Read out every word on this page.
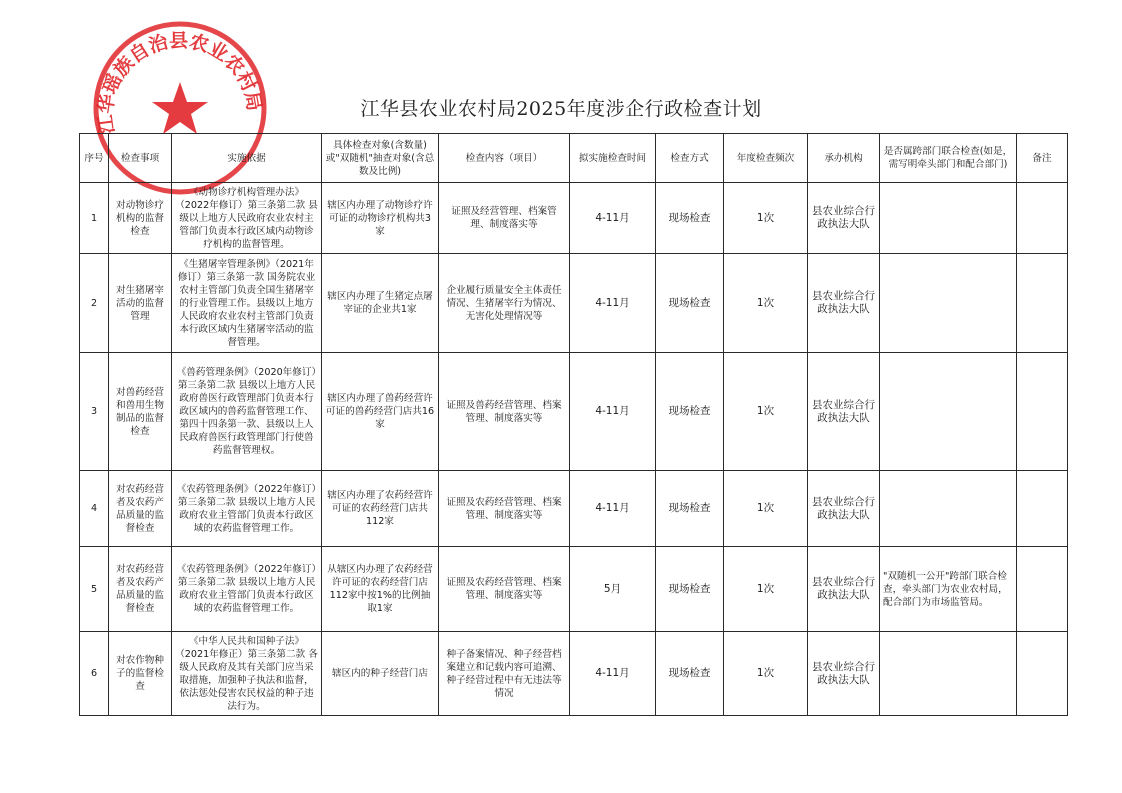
江华瑶族自治县农业农村局	江华县农业农村局2025年度涉企行政检查计划
序号	检查事项	实施依据	具体检查对象(含数量)或"双随机"抽查对象(含总数及比例)	检查内容（项目）	拟实施检查时间	检查方式	年度检查频次	承办机构	是否属跨部门联合检查(如是，需写明牵头部门和配合部门)	备注
1	对动物诊疗机构的监督检查	《动物诊疗机构管理办法》（2022年修订）第三条第二款 县级以上地方人民政府农业农村主管部门负责本行政区域内动物诊疗机构的监督管理。	辖区内办理了动物诊疗许可证的动物诊疗机构共3家	证照及经营管理、档案管理、制度落实等	4-11月	现场检查	1次	县农业综合行政执法大队		
2	对生猪屠宰活动的监督管理	《生猪屠宰管理条例》（2021年修订）第三条第一款 国务院农业农村主管部门负责全国生猪屠宰的行业管理工作。县级以上地方人民政府农业农村主管部门负责本行政区域内生猪屠宰活动的监督管理。	辖区内办理了生猪定点屠宰证的企业共1家	企业履行质量安全主体责任情况、生猪屠宰行为情况、无害化处理情况等	4-11月	现场检查	1次	县农业综合行政执法大队		
3	对兽药经营和兽用生物制品的监督检查	《兽药管理条例》（2020年修订）第三条第二款 县级以上地方人民政府兽医行政管理部门负责本行政区域内的兽药监督管理工作、第四十四条第一款、县级以上人民政府兽医行政管理部门行使兽药监督管理权。	辖区内办理了兽药经营许可证的兽药经营门店共16家	证照及兽药经营管理、档案管理、制度落实等	4-11月	现场检查	1次	县农业综合行政执法大队		
4	对农药经营者及农药产品质量的监督检查	《农药管理条例》（2022年修订）第三条第二款 县级以上地方人民政府农业主管部门负责本行政区域的农药监督管理工作。	辖区内办理了农药经营许可证的农药经营门店共112家	证照及农药经营管理、档案管理、制度落实等	4-11月	现场检查	1次	县农业综合行政执法大队		
5	对农药经营者及农药产品质量的监督检查	《农药管理条例》（2022年修订）第三条第二款 县级以上地方人民政府农业主管部门负责本行政区域的农药监督管理工作。	从辖区内办理了农药经营许可证的农药经营门店112家中按1%的比例抽取1家	证照及农药经营管理、档案管理、制度落实等	5月	现场检查	1次	县农业综合行政执法大队	"双随机一公开"跨部门联合检查，牵头部门为农业农村局，配合部门为市场监管局。	
6	对农作物种子的监督检查	《中华人民共和国种子法》（2021年修正）第三条第二款 各级人民政府及其有关部门应当采取措施，加强种子执法和监督，依法惩处侵害农民权益的种子违法行为。	辖区内的种子经营门店	种子备案情况、种子经营档案建立和记载内容可追溯、种子经营过程中有无违法等情况	4-11月	现场检查	1次	县农业综合行政执法大队		
